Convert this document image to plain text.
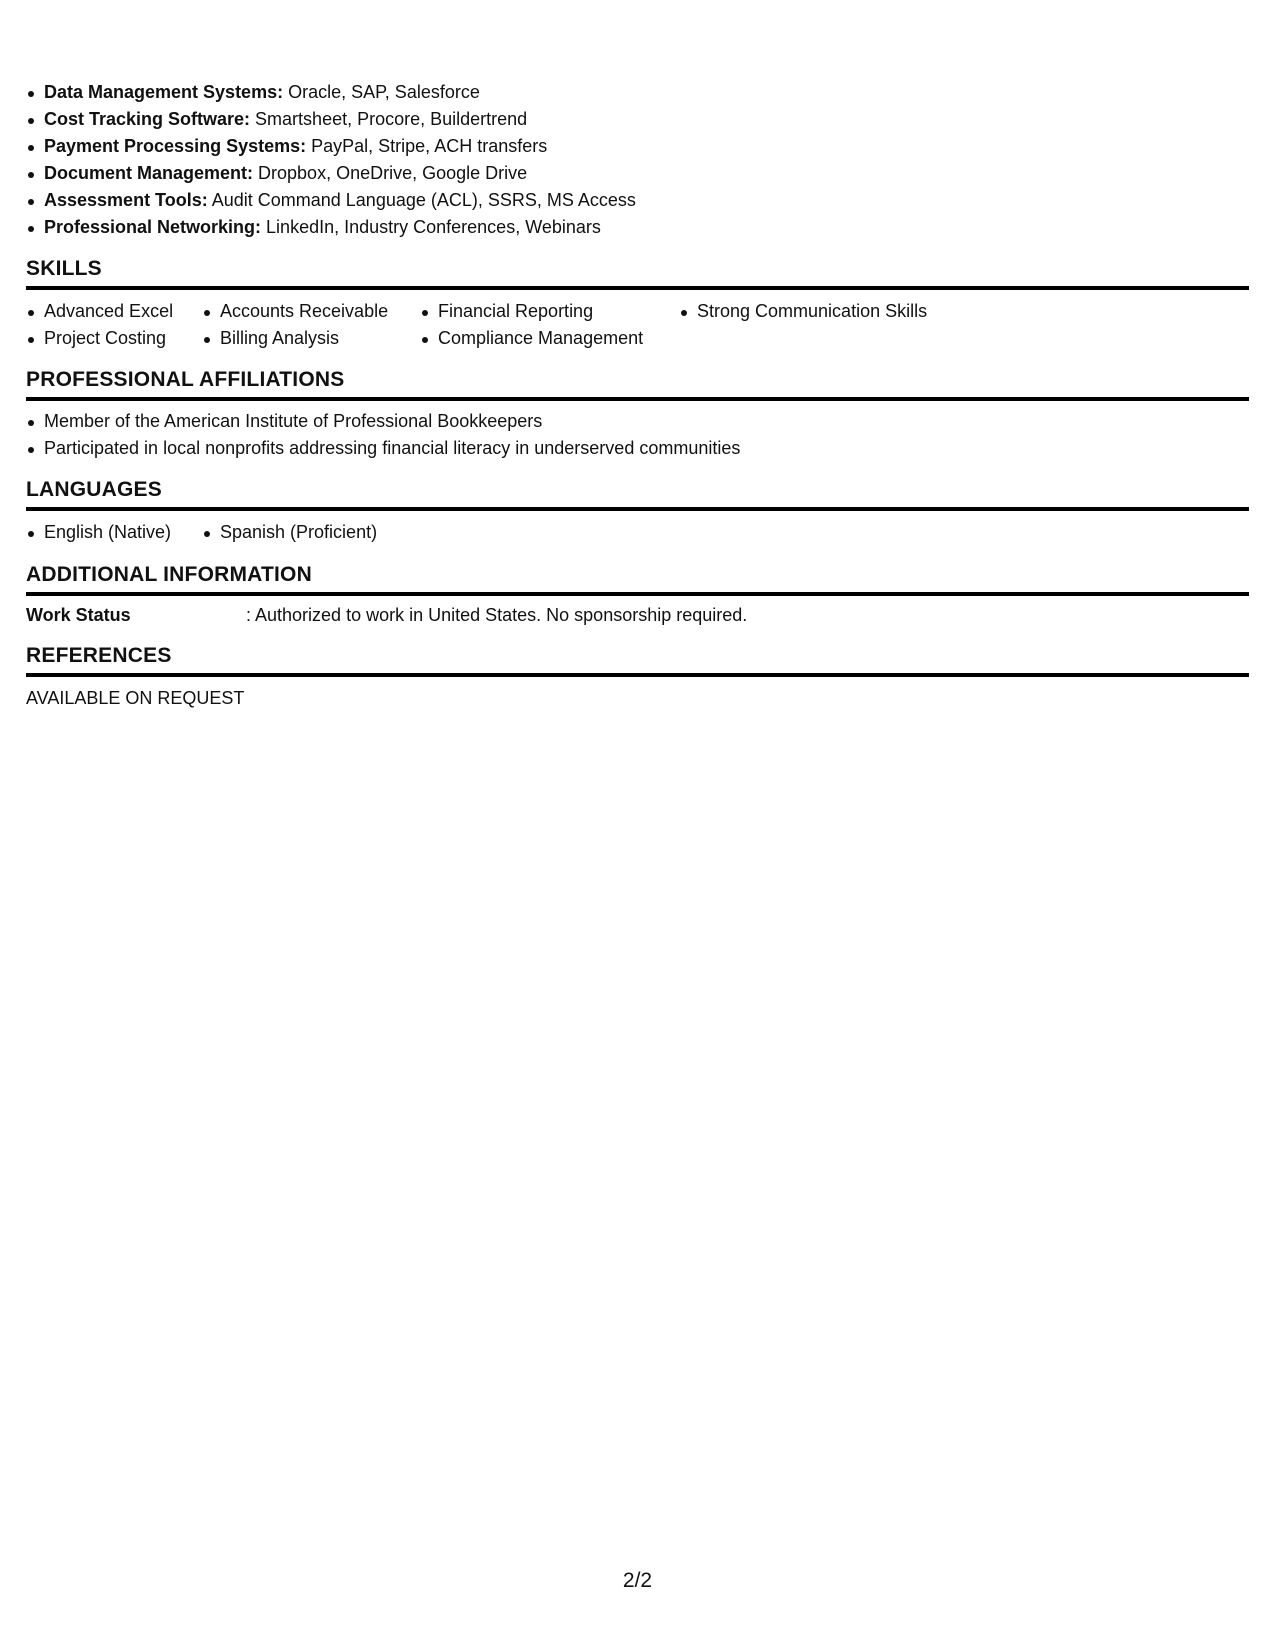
Data Management Systems: Oracle, SAP, Salesforce
Cost Tracking Software: Smartsheet, Procore, Buildertrend
Payment Processing Systems: PayPal, Stripe, ACH transfers
Document Management: Dropbox, OneDrive, Google Drive
Assessment Tools: Audit Command Language (ACL), SSRS, MS Access
Professional Networking: LinkedIn, Industry Conferences, Webinars
SKILLS
Advanced Excel
Project Costing
Accounts Receivable
Billing Analysis
Financial Reporting
Compliance Management
Strong Communication Skills
PROFESSIONAL AFFILIATIONS
Member of the American Institute of Professional Bookkeepers
Participated in local nonprofits addressing financial literacy in underserved communities
LANGUAGES
English (Native)	Spanish (Proficient)
ADDITIONAL INFORMATION
Work Status	: Authorized to work in United States. No sponsorship required.
REFERENCES
AVAILABLE ON REQUEST
2/2
